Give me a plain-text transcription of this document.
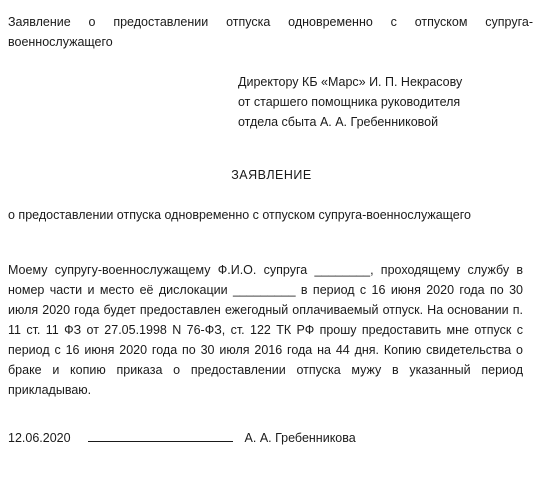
Заявление о предоставлении отпуска одновременно с отпуском супруга-военнослужащего
Директору КБ «Марс» И. П. Некрасову
от старшего помощника руководителя
отдела сбыта А. А. Гребенниковой
ЗАЯВЛЕНИЕ
о предоставлении отпуска одновременно с отпуском супруга-военнослужащего
Моему супругу-военнослужащему Ф.И.О. супруга ________, проходящему службу в номер части и место её дислокации _________ в период с 16 июня 2020 года по 30 июля 2020 года будет предоставлен ежегодный оплачиваемый отпуск. На основании п. 11 ст. 11 ФЗ от 27.05.1998 N 76-ФЗ, ст. 122 ТК РФ прошу предоставить мне отпуск с период с 16 июня 2020 года по 30 июля 2016 года на 44 дня. Копию свидетельства о браке и копию приказа о предоставлении отпуска мужу в указанный период прикладываю.
12.06.2020	А. А. Гребенникова
